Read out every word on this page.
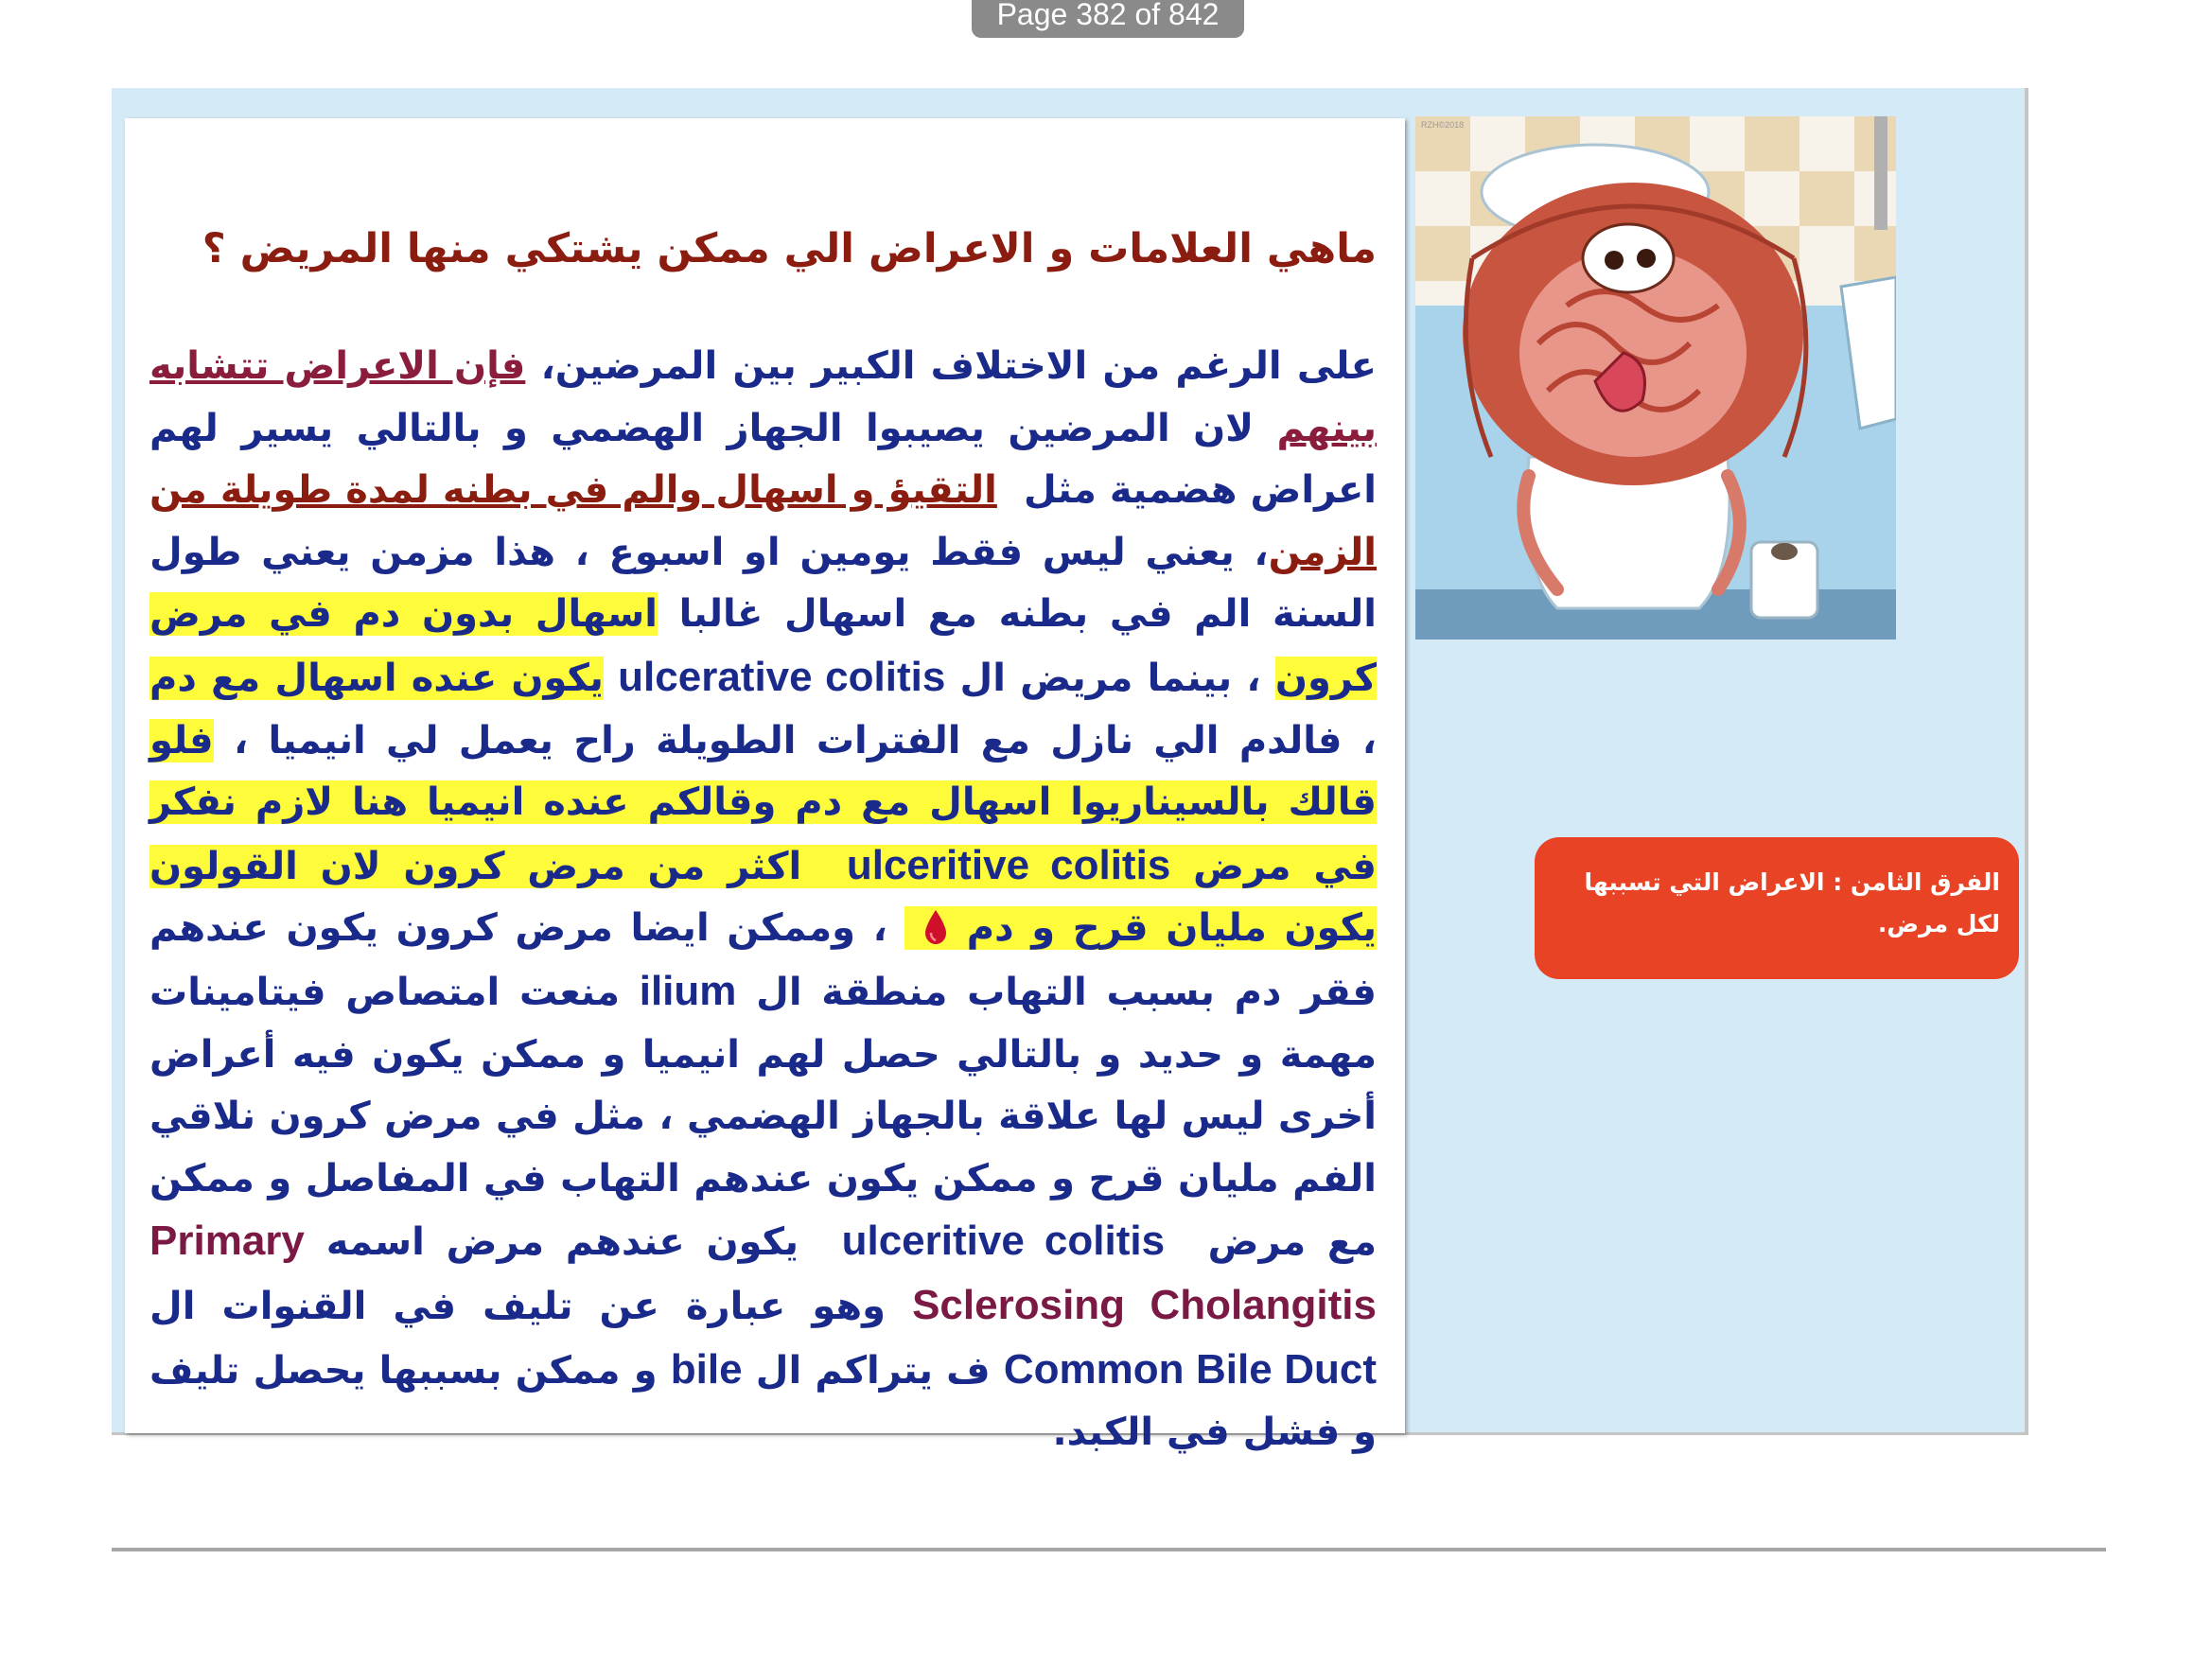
Page 382 of 842

ماهي العلامات و الاعراض الي ممكن يشتكي منها المريض ؟

على الرغم من الاختلاف الكبير بين المرضين، فإن الاعراض تتشابه بينهم لان المرضين يصيبوا الجهاز الهضمي و بالتالي يسير لهم اعراض هضمية مثل  التقيؤ و اسهال والم في بطنه لمدة طويلة من الزمن، يعني ليس فقط يومين او اسبوع ، هذا مزمن يعني طول السنة الم في بطنه مع اسهال غالبا اسهال بدون دم في مرض كرون ، بينما مريض ال ulcerative colitis يكون عنده اسهال مع دم ، فالدم الي نازل مع الفترات الطويلة راح يعمل لي انيميا ، فلو قالك بالسيناريوا اسهال مع دم وقالكم عنده انيميا هنا لازم نفكر في مرض ulceritive colitis  اكثر من مرض كرون لان القولون يكون مليان قرح و دم   ، وممكن ايضا مرض كرون يكون عندهم فقر دم بسبب التهاب منطقة ال ilium منعت امتصاص فيتامينات مهمة و حديد و بالتالي حصل لهم انيميا و ممكن يكون فيه أعراض أخرى ليس لها علاقة بالجهاز الهضمي ، مثل في مرض كرون نلاقي الفم مليان قرح و ممكن يكون عندهم التهاب في المفاصل و ممكن مع مرض  ulceritive colitis  يكون عندهم مرض اسمه Primary Sclerosing Cholangitis وهو عبارة عن تليف في القنوات ال Common Bile Duct ف يتراكم ال bile و ممكن بسببها يحصل تليف و فشل في الكبد.

RZH©2018
الفرق الثامن : الاعراض التي تسببها لكل مرض.
